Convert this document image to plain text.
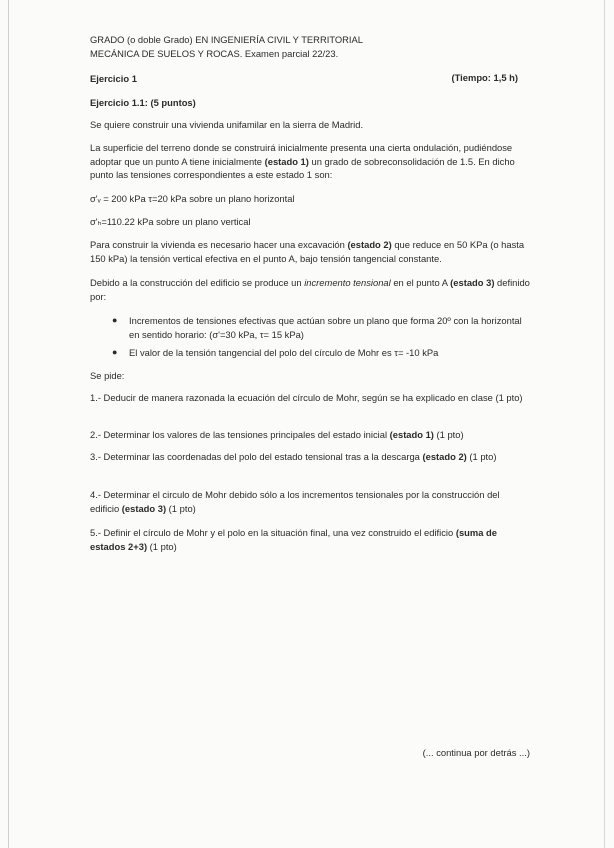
GRADO (o doble Grado) EN INGENIERÍA CIVIL Y TERRITORIAL

MECÁNICA DE SUELOS Y ROCAS. Examen parcial 22/23.

Ejercicio 1	(Tiempo: 1,5 h)

Ejercicio 1.1: (5 puntos)

Se quiere construir una vivienda unifamilar en la sierra de Madrid.

La superficie del terreno donde se construirá inicialmente presenta una cierta ondulación, pudiéndose adoptar que un punto A tiene inicialmente (estado 1) un grado de sobreconsolidación de 1.5. En dicho punto las tensiones correspondientes a este estado 1 son:

σ'ᵥ = 200 kPa τ=20 kPa sobre un plano horizontal

σ'ₕ=110.22 kPa sobre un plano vertical

Para construir la vivienda es necesario hacer una excavación (estado 2) que reduce en 50 KPa (o hasta 150 kPa) la tensión vertical efectiva en el punto A, bajo tensión tangencial constante.

Debido a la construcción del edificio se produce un incremento tensional en el punto A (estado 3) definido por:

● Incrementos de tensiones efectivas que actúan sobre un plano que forma 20º con la horizontal en sentido horario: (σ'=30 kPa, τ= 15 kPa)

● El valor de la tensión tangencial del polo del círculo de Mohr es τ= -10 kPa

Se pide:

1.- Deducir de manera razonada la ecuación del círculo de Mohr, según se ha explicado en clase (1 pto)

2.- Determinar los valores de las tensiones principales del estado inicial (estado 1) (1 pto)

3.- Determinar las coordenadas del polo del estado tensional tras a la descarga (estado 2) (1 pto)

4.- Determinar el circulo de Mohr debido sólo a los incrementos tensionales por la construcción del edificio (estado 3) (1 pto)

5.- Definir el círculo de Mohr y el polo en la situación final, una vez construido el edificio (suma de estados 2+3) (1 pto)

(... continua por detrás ...)
